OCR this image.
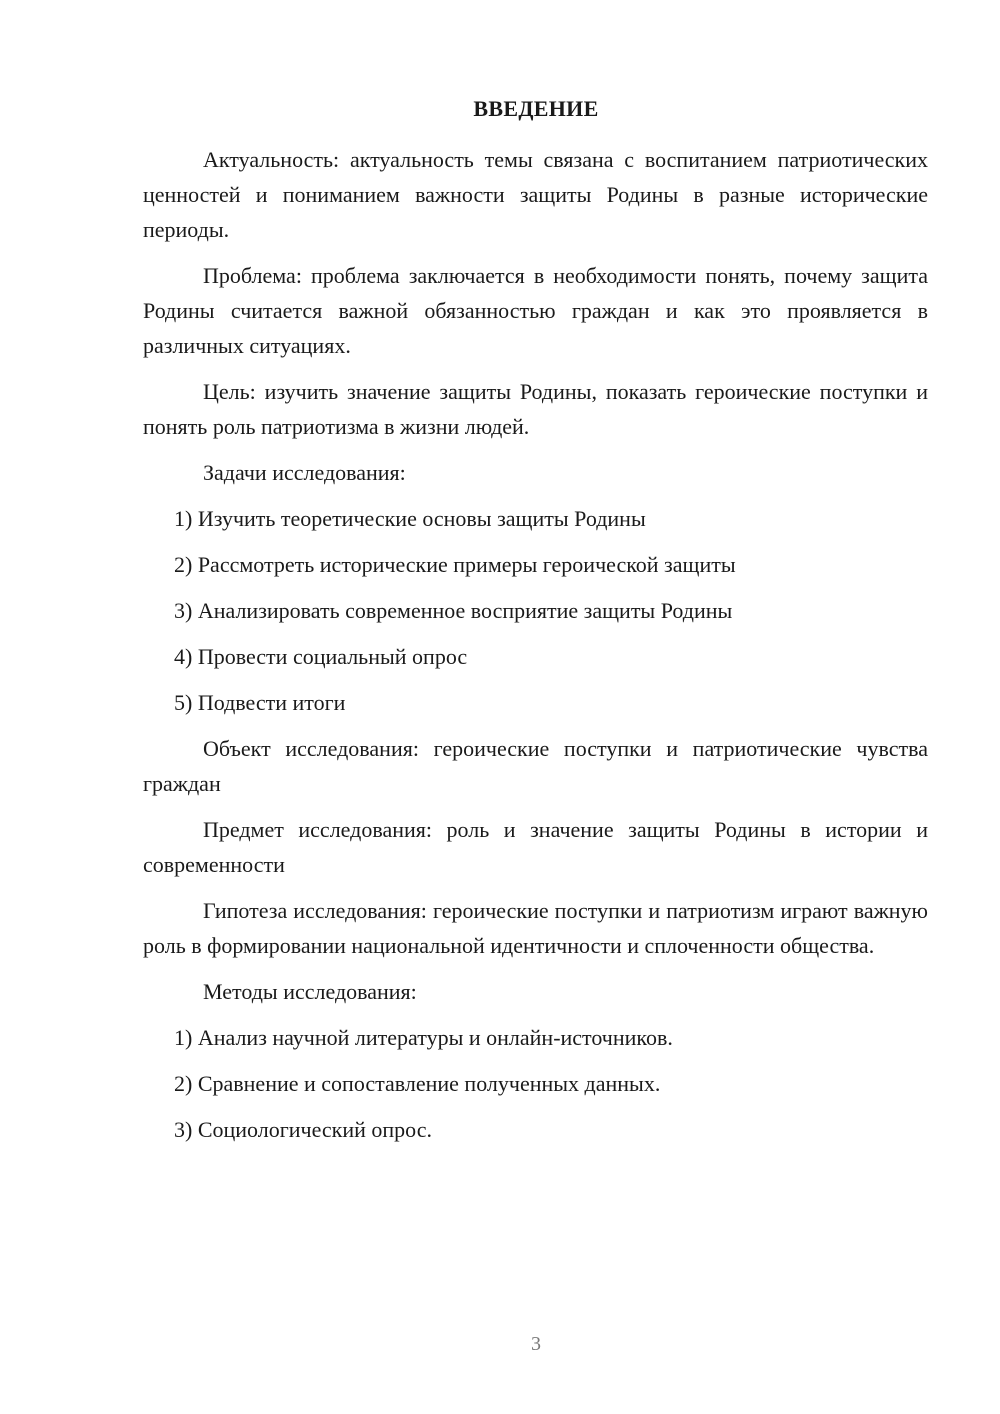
ВВЕДЕНИЕ

Актуальность: актуальность темы связана с воспитанием патриотических ценностей и пониманием важности защиты Родины в разные исторические периоды.

Проблема: проблема заключается в необходимости понять, почему защита Родины считается важной обязанностью граждан и как это проявляется в различных ситуациях.

Цель: изучить значение защиты Родины, показать героические поступки и понять роль патриотизма в жизни людей.

Задачи исследования:
1) Изучить теоретические основы защиты Родины
2) Рассмотреть исторические примеры героической защиты
3) Анализировать современное восприятие защиты Родины
4) Провести социальный опрос
5) Подвести итоги

Объект исследования: героические поступки и патриотические чувства граждан

Предмет исследования: роль и значение защиты Родины в истории и современности

Гипотеза исследования: героические поступки и патриотизм играют важную роль в формировании национальной идентичности и сплоченности общества.

Методы исследования:
1) Анализ научной литературы и онлайн-источников.
2) Сравнение и сопоставление полученных данных.
3) Социологический опрос.
3
